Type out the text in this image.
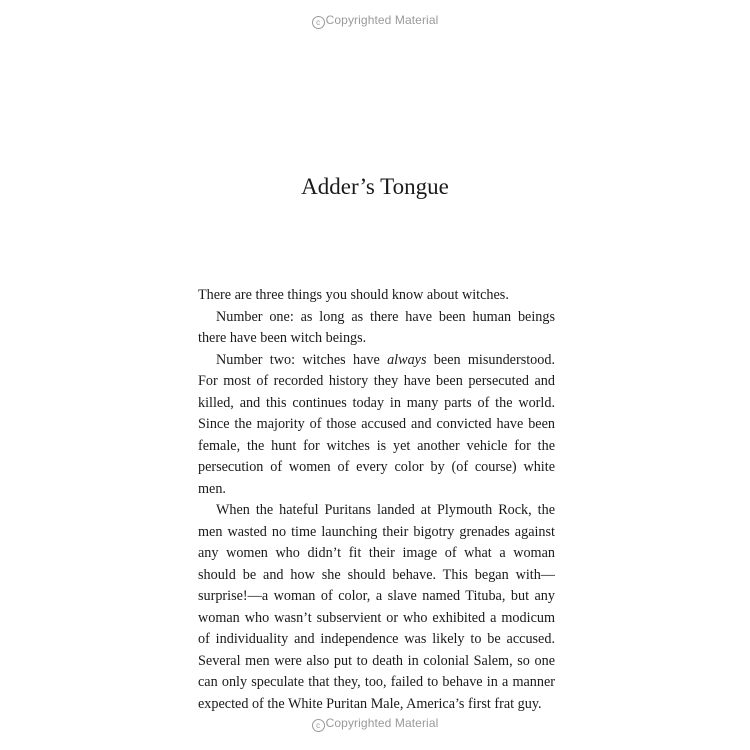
c Copyrighted Material
Adder’s Tongue

There are three things you should know about witches.

Number one: as long as there have been human beings there have been witch beings.

Number two: witches have always been misunderstood. For most of recorded history they have been persecuted and killed, and this continues today in many parts of the world. Since the majority of those accused and convicted have been female, the hunt for witches is yet another vehicle for the persecution of women of every color by (of course) white men.

When the hateful Puritans landed at Plymouth Rock, the men wasted no time launching their bigotry grenades against any women who didn’t fit their image of what a woman should be and how she should behave. This began with—surprise!—a woman of color, a slave named Tituba, but any woman who wasn’t subservient or who exhibited a modicum of individuality and independence was likely to be accused. Several men were also put to death in colonial Salem, so one can only speculate that they, too, failed to behave in a manner expected of the White Puritan Male, America’s first frat guy.

c Copyrighted Material
